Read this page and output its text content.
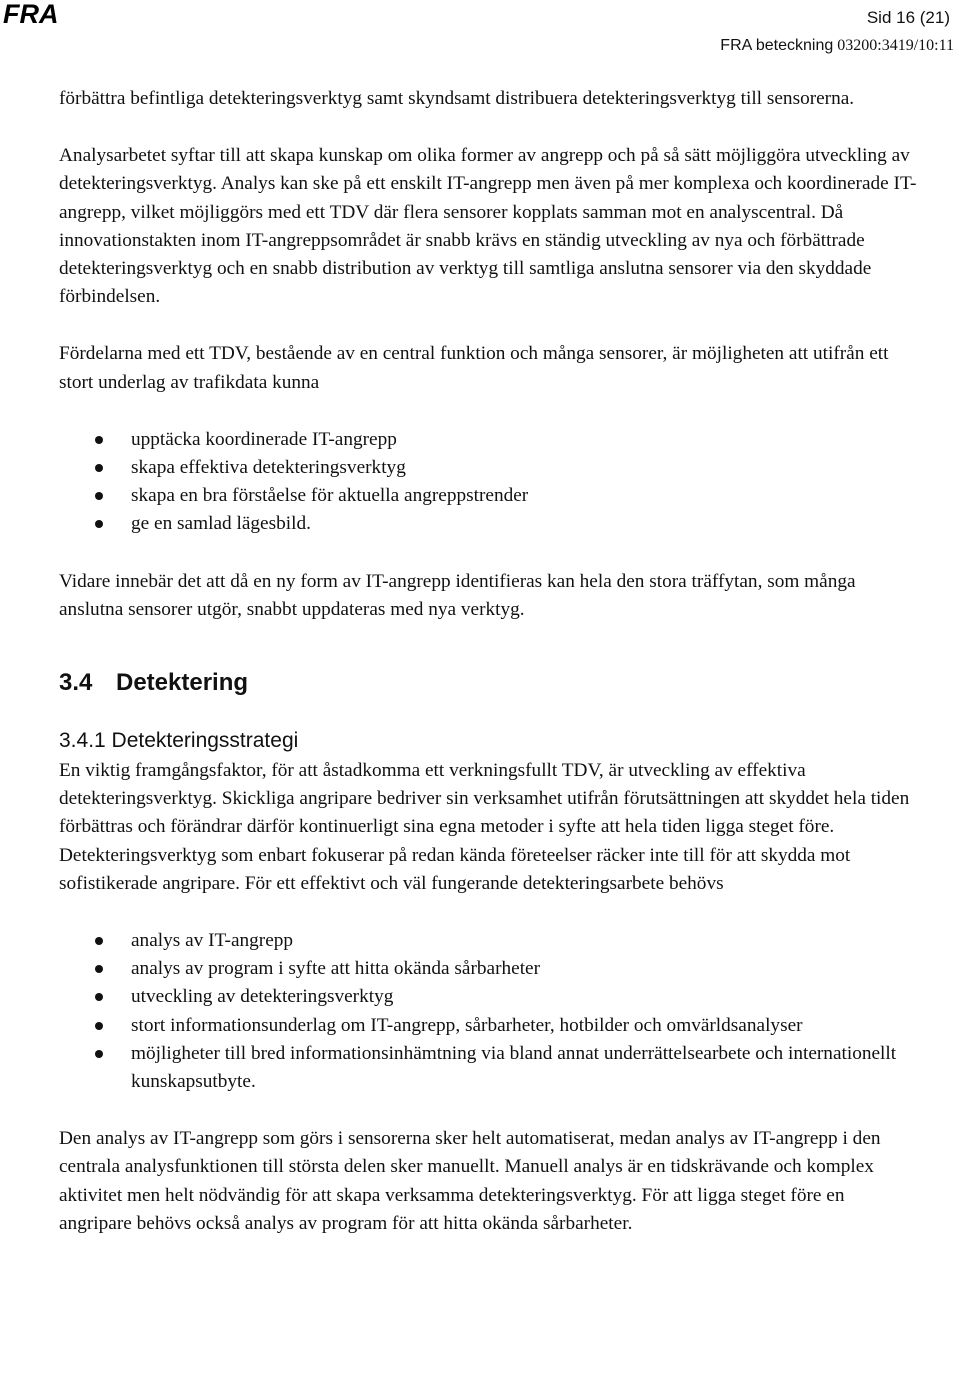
FRA	Sid 16 (21)
FRA beteckning 03200:3419/10:11

förbättra befintliga detekteringsverktyg samt skyndsamt distribuera detekteringsverktyg till sensorerna.

Analysarbetet syftar till att skapa kunskap om olika former av angrepp och på så sätt möjliggöra utveckling av detekteringsverktyg. Analys kan ske på ett enskilt IT-angrepp men även på mer komplexa och koordinerade IT-angrepp, vilket möjliggörs med ett TDV där flera sensorer kopplats samman mot en analyscentral. Då innovationstakten inom IT-angreppsområdet är snabb krävs en ständig utveckling av nya och förbättrade detekteringsverktyg och en snabb distribution av verktyg till samtliga anslutna sensorer via den skyddade förbindelsen.

Fördelarna med ett TDV, bestående av en central funktion och många sensorer, är möjligheten att utifrån ett stort underlag av trafikdata kunna

upptäcka koordinerade IT-angrepp
skapa effektiva detekteringsverktyg
skapa en bra förståelse för aktuella angreppstrender
ge en samlad lägesbild.

Vidare innebär det att då en ny form av IT-angrepp identifieras kan hela den stora träffytan, som många anslutna sensorer utgör, snabbt uppdateras med nya verktyg.

3.4 Detektering
3.4.1 Detekteringsstrategi

En viktig framgångsfaktor, för att åstadkomma ett verkningsfullt TDV, är utveckling av effektiva detekteringsverktyg. Skickliga angripare bedriver sin verksamhet utifrån förutsättningen att skyddet hela tiden förbättras och förändrar därför kontinuerligt sina egna metoder i syfte att hela tiden ligga steget före. Detekteringsverktyg som enbart fokuserar på redan kända företeelser räcker inte till för att skydda mot sofistikerade angripare. För ett effektivt och väl fungerande detekteringsarbete behövs

analys av IT-angrepp
analys av program i syfte att hitta okända sårbarheter
utveckling av detekteringsverktyg
stort informationsunderlag om IT-angrepp, sårbarheter, hotbilder och omvärldsanalyser
möjligheter till bred informationsinhämtning via bland annat underrättelsearbete och internationellt kunskapsutbyte.

Den analys av IT-angrepp som görs i sensorerna sker helt automatiserat, medan analys av IT-angrepp i den centrala analysfunktionen till största delen sker manuellt. Manuell analys är en tidskrävande och komplex aktivitet men helt nödvändig för att skapa verksamma detekteringsverktyg. För att ligga steget före en angripare behövs också analys av program för att hitta okända sårbarheter.
